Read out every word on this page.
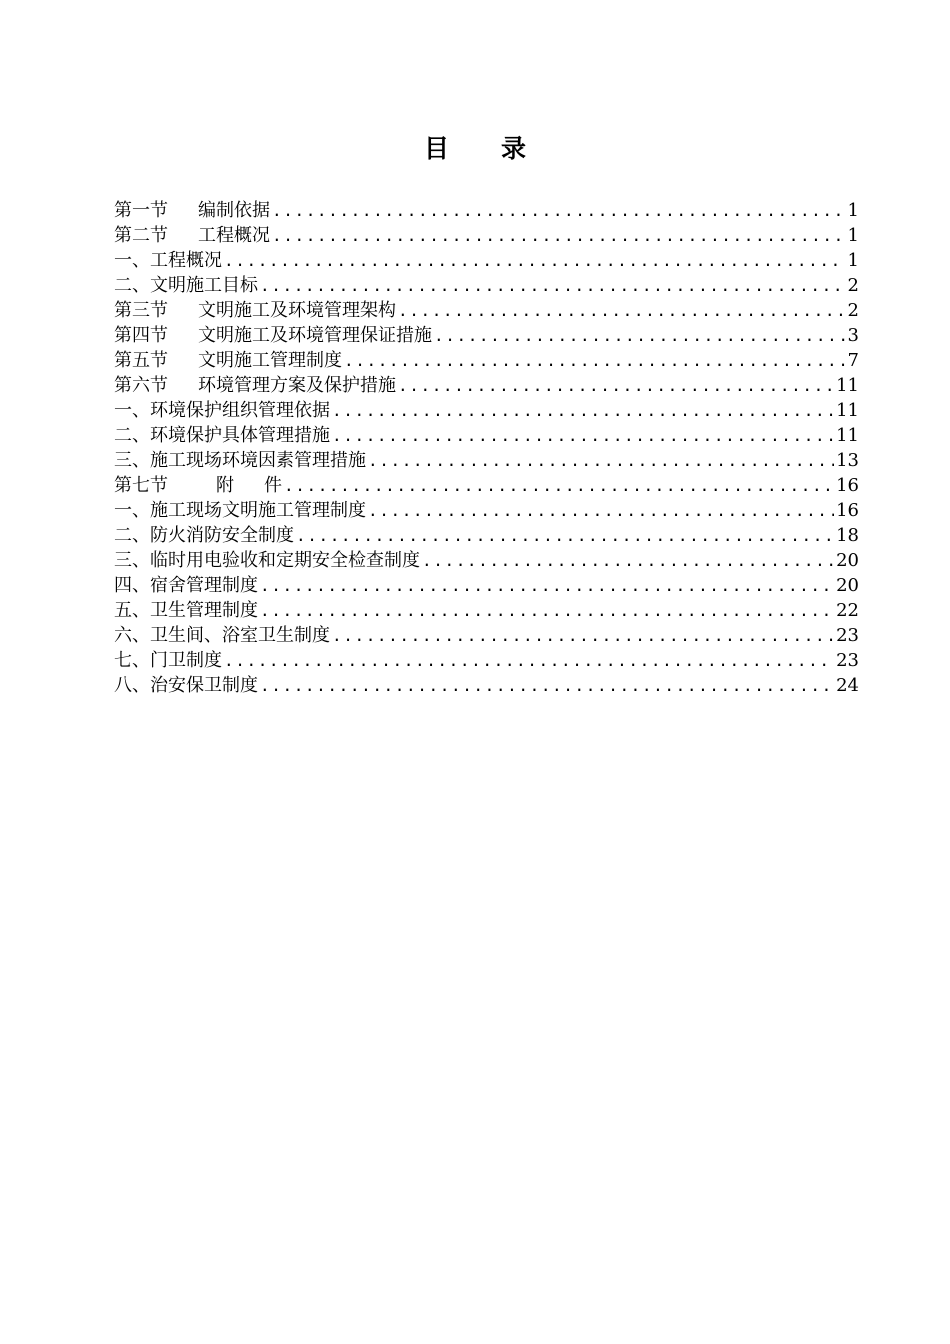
目录
第一节 编制依据 .....	1
第二节 工程概况 .....	1
一、工程概况 .....	1
二、文明施工目标 .....	2
第三节 文明施工及环境管理架构 .....	2
第四节 文明施工及环境管理保证措施 .....	3
第五节 文明施工管理制度 .....	7
第六节 环境管理方案及保护措施 .....	11
一、环境保护组织管理依据 .....	11
二、环境保护具体管理措施 .....	11
三、施工现场环境因素管理措施 .....	13
第七节	附件 .....	16
一、施工现场文明施工管理制度 .....	16
二、防火消防安全制度 .....	18
三、临时用电验收和定期安全检查制度 .....	20
四、宿舍管理制度 .....	20
五、卫生管理制度 .....	22
六、卫生间、浴室卫生制度 .....	23
七、门卫制度 .....	23
八、治安保卫制度 .....	24
